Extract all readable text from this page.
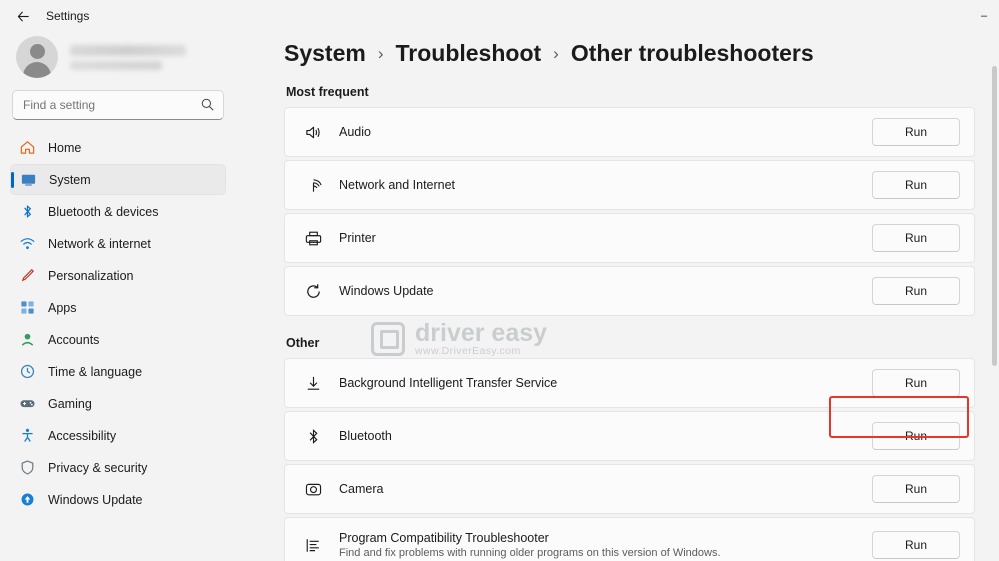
Settings	–
Find a setting
Home
System
Bluetooth & devices
Network & internet
Personalization
Apps
Accounts
Time & language
Gaming
Accessibility
Privacy & security
Windows Update
System › Troubleshoot › Other troubleshooters
Most frequent
Audio	Run
Network and Internet	Run
Printer	Run
Windows Update	Run
Other
Background Intelligent Transfer Service	Run
Bluetooth	Run
Camera	Run
Program Compatibility Troubleshooter
Find and fix problems with running older programs on this version of Windows.
Run
driver easy
www.DriverEasy.com
